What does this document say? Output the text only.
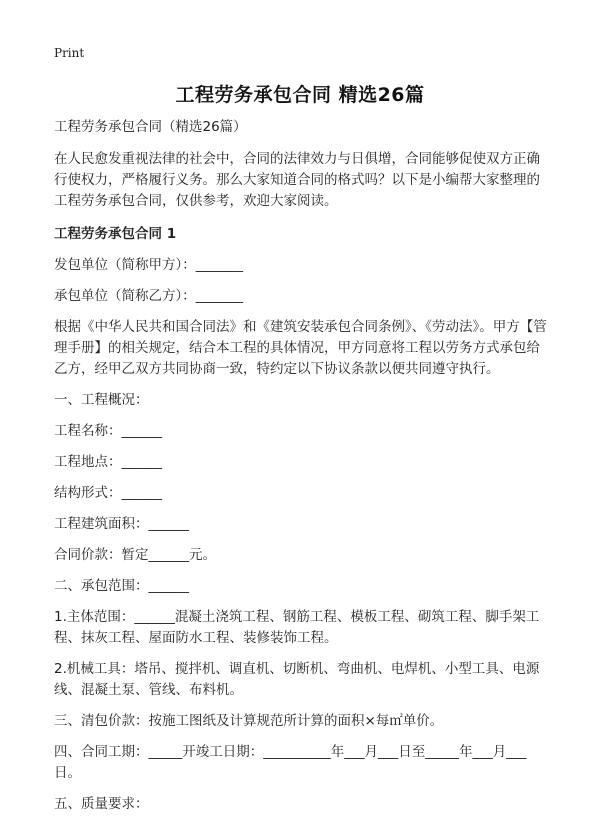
Print
工程劳务承包合同 精选26篇

工程劳务承包合同（精选26篇）

在人民愈发重视法律的社会中，合同的法律效力与日俱增，合同能够促使双方正确行使权力，严格履行义务。那么大家知道合同的格式吗？以下是小编帮大家整理的工程劳务承包合同，仅供参考，欢迎大家阅读。

工程劳务承包合同 1

发包单位（简称甲方）：_______

承包单位（简称乙方）：_______

根据《中华人民共和国合同法》和《建筑安装承包合同条例》、《劳动法》。甲方【管理手册】的相关规定，结合本工程的具体情况，甲方同意将工程以劳务方式承包给乙方，经甲乙双方共同协商一致，特约定以下协议条款以便共同遵守执行。

一、工程概况：

工程名称：______

工程地点：______

结构形式：______

工程建筑面积：______

合同价款：暂定______元。

二、承包范围：______

1.主体范围：______混凝土浇筑工程、钢筋工程、模板工程、砌筑工程、脚手架工程、抹灰工程、屋面防水工程、装修装饰工程。

2.机械工具：塔吊、搅拌机、调直机、切断机、弯曲机、电焊机、小型工具、电源线、混凝土泵、管线、布料机。

三、清包价款：按施工图纸及计算规范所计算的面积×每㎡单价。

四、合同工期：_____开竣工日期：__________年___月___日至_____年___月___日。

五、质量要求：
